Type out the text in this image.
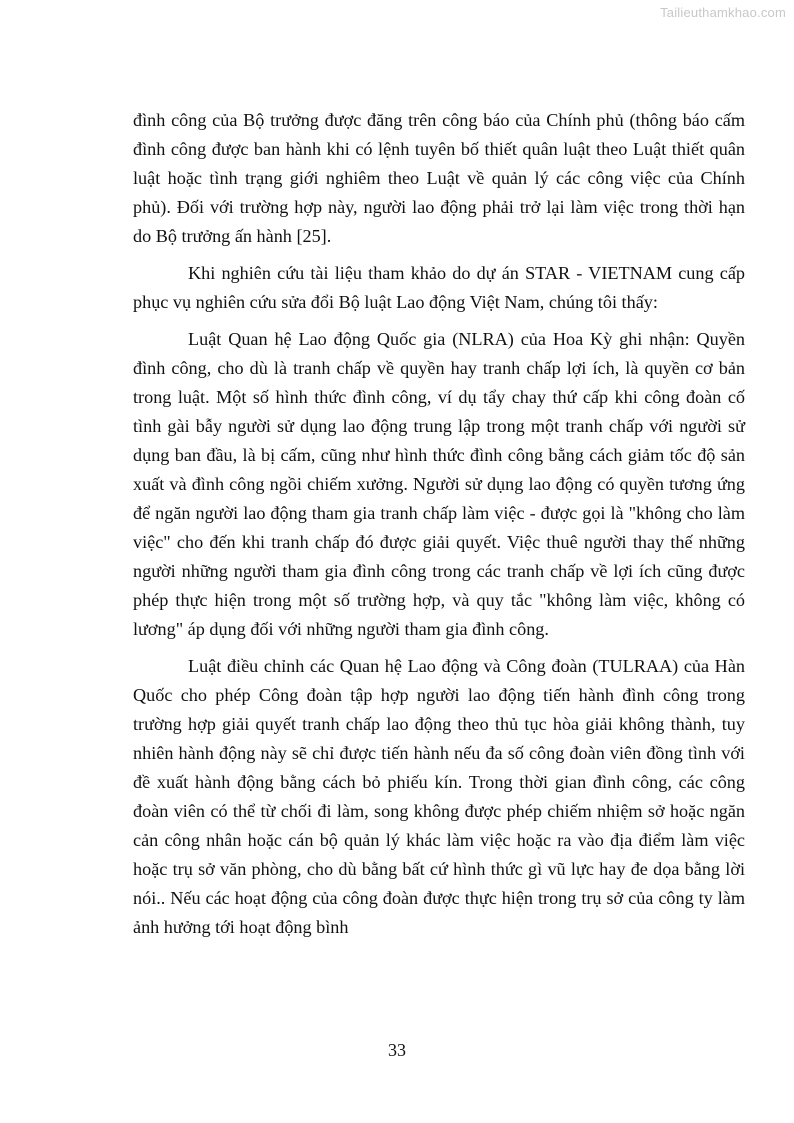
Tailieuthamkhao.com

đình công của Bộ trưởng được đăng trên công báo của Chính phủ (thông báo cấm đình công được ban hành khi có lệnh tuyên bố thiết quân luật theo Luật thiết quân luật hoặc tình trạng giới nghiêm theo Luật về quản lý các công việc của Chính phủ). Đối với trường hợp này, người lao động phải trở lại làm việc trong thời hạn do Bộ trưởng ấn hành [25].

Khi nghiên cứu tài liệu tham khảo do dự án STAR - VIETNAM cung cấp phục vụ nghiên cứu sửa đổi Bộ luật Lao động Việt Nam, chúng tôi thấy:

Luật Quan hệ Lao động Quốc gia (NLRA) của Hoa Kỳ ghi nhận: Quyền đình công, cho dù là tranh chấp về quyền hay tranh chấp lợi ích, là quyền cơ bản trong luật. Một số hình thức đình công, ví dụ tẩy chay thứ cấp khi công đoàn cố tình gài bẫy người sử dụng lao động trung lập trong một tranh chấp với người sử dụng ban đầu, là bị cấm, cũng như hình thức đình công bằng cách giảm tốc độ sản xuất và đình công ngồi chiếm xưởng. Người sử dụng lao động có quyền tương ứng để ngăn người lao động tham gia tranh chấp làm việc - được gọi là "không cho làm việc" cho đến khi tranh chấp đó được giải quyết. Việc thuê người thay thế những người những người tham gia đình công trong các tranh chấp về lợi ích cũng được phép thực hiện trong một số trường hợp, và quy tắc "không làm việc, không có lương" áp dụng đối với những người tham gia đình công.

Luật điều chỉnh các Quan hệ Lao động và Công đoàn (TULRAA) của Hàn Quốc cho phép Công đoàn tập hợp người lao động tiến hành đình công trong trường hợp giải quyết tranh chấp lao động theo thủ tục hòa giải không thành, tuy nhiên hành động này sẽ chỉ được tiến hành nếu đa số công đoàn viên đồng tình với đề xuất hành động bằng cách bỏ phiếu kín. Trong thời gian đình công, các công đoàn viên có thể từ chối đi làm, song không được phép chiếm nhiệm sở hoặc ngăn cản công nhân hoặc cán bộ quản lý khác làm việc hoặc ra vào địa điểm làm việc hoặc trụ sở văn phòng, cho dù bằng bất cứ hình thức gì vũ lực hay đe dọa bằng lời nói.. Nếu các hoạt động của công đoàn được thực hiện trong trụ sở của công ty làm ảnh hưởng tới hoạt động bình

33
